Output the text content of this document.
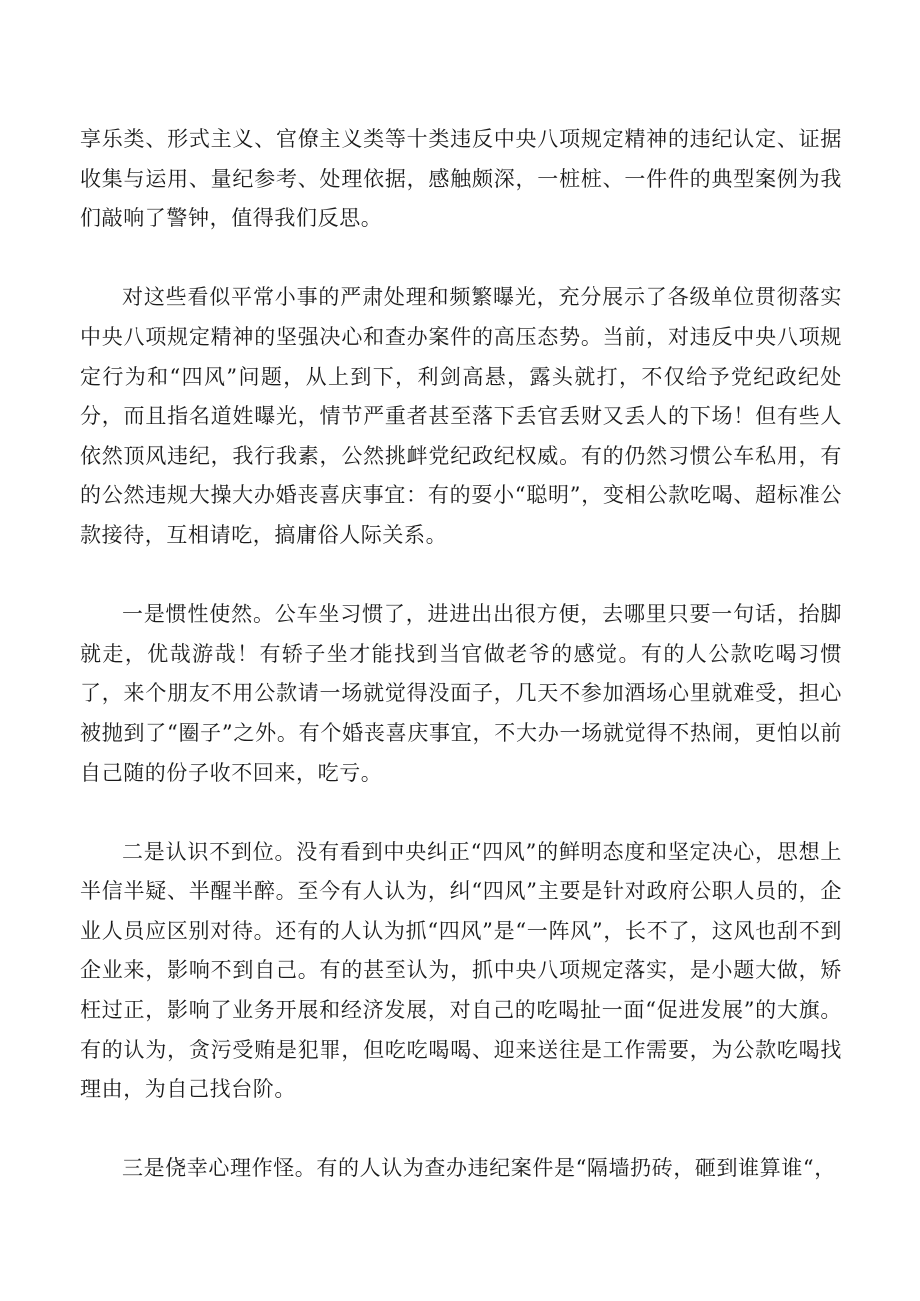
享乐类、形式主义、官僚主义类等十类违反中央八项规定精神的违纪认定、证据收集与运用、量纪参考、处理依据，感触颇深，一桩桩、一件件的典型案例为我们敲响了警钟，值得我们反思。

对这些看似平常小事的严肃处理和频繁曝光，充分展示了各级单位贯彻落实中央八项规定精神的坚强决心和查办案件的高压态势。当前，对违反中央八项规定行为和“四风”问题，从上到下，利剑高悬，露头就打，不仅给予党纪政纪处分，而且指名道姓曝光，情节严重者甚至落下丢官丢财又丢人的下场！但有些人依然顶风违纪，我行我素，公然挑衅党纪政纪权威。有的仍然习惯公车私用，有的公然违规大操大办婚丧喜庆事宜：有的耍小“聪明”，变相公款吃喝、超标准公款接待，互相请吃，搞庸俗人际关系。

一是惯性使然。公车坐习惯了，进进出出很方便，去哪里只要一句话，抬脚就走，优哉游哉！有轿子坐才能找到当官做老爷的感觉。有的人公款吃喝习惯了，来个朋友不用公款请一场就觉得没面子，几天不参加酒场心里就难受，担心被抛到了“圈子”之外。有个婚丧喜庆事宜，不大办一场就觉得不热闹，更怕以前自己随的份子收不回来，吃亏。

二是认识不到位。没有看到中央纠正“四风”的鲜明态度和坚定决心，思想上半信半疑、半醒半醉。至今有人认为，纠“四风”主要是针对政府公职人员的，企业人员应区别对待。还有的人认为抓“四风”是“一阵风”，长不了，这风也刮不到企业来，影响不到自己。有的甚至认为，抓中央八项规定落实，是小题大做，矫枉过正，影响了业务开展和经济发展，对自己的吃喝扯一面“促进发展”的大旗。有的认为，贪污受贿是犯罪，但吃吃喝喝、迎来送往是工作需要，为公款吃喝找理由，为自己找台阶。

三是侥幸心理作怪。有的人认为查办违纪案件是“隔墙扔砖，砸到谁算谁“，
